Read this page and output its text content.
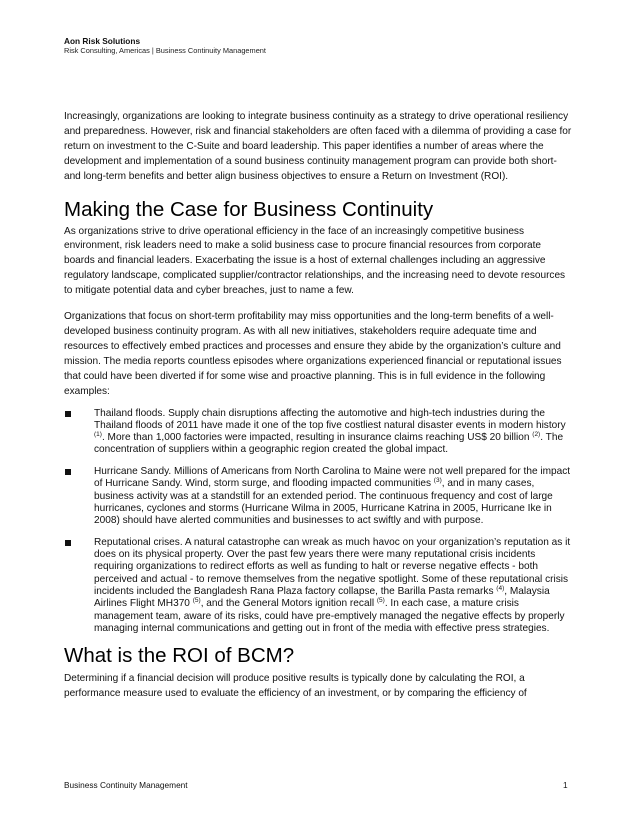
Aon Risk Solutions
Risk Consulting, Americas | Business Continuity Management

Increasingly, organizations are looking to integrate business continuity as a strategy to drive operational resiliency and preparedness. However, risk and financial stakeholders are often faced with a dilemma of providing a case for return on investment to the C-Suite and board leadership. This paper identifies a number of areas where the development and implementation of a sound business continuity management program can provide both short- and long-term benefits and better align business objectives to ensure a Return on Investment (ROI).

Making the Case for Business Continuity

As organizations strive to drive operational efficiency in the face of an increasingly competitive business environment, risk leaders need to make a solid business case to procure financial resources from corporate boards and financial leaders. Exacerbating the issue is a host of external challenges including an aggressive regulatory landscape, complicated supplier/contractor relationships, and the increasing need to devote resources to mitigate potential data and cyber breaches, just to name a few.

Organizations that focus on short-term profitability may miss opportunities and the long-term benefits of a well-developed business continuity program. As with all new initiatives, stakeholders require adequate time and resources to effectively embed practices and processes and ensure they abide by the organization’s culture and mission. The media reports countless episodes where organizations experienced financial or reputational issues that could have been diverted if for some wise and proactive planning. This is in full evidence in the following examples:

Thailand floods. Supply chain disruptions affecting the automotive and high-tech industries during the Thailand floods of 2011 have made it one of the top five costliest natural disaster events in modern history $^{(1)}$. More than 1,000 factories were impacted, resulting in insurance claims reaching US$ 20 billion $^{(2)}$. The concentration of suppliers within a geographic region created the global impact.
Hurricane Sandy. Millions of Americans from North Carolina to Maine were not well prepared for the impact of Hurricane Sandy. Wind, storm surge, and flooding impacted communities $^{(3)}$, and in many cases, business activity was at a standstill for an extended period. The continuous frequency and cost of large hurricanes, cyclones and storms (Hurricane Wilma in 2005, Hurricane Katrina in 2005, Hurricane Ike in 2008) should have alerted communities and businesses to act swiftly and with purpose.
Reputational crises. A natural catastrophe can wreak as much havoc on your organization’s reputation as it does on its physical property. Over the past few years there were many reputational crisis incidents requiring organizations to redirect efforts as well as funding to halt or reverse negative effects - both perceived and actual - to remove themselves from the negative spotlight. Some of these reputational crisis incidents included the Bangladesh Rana Plaza factory collapse, the Barilla Pasta remarks $^{(4)}$, Malaysia Airlines Flight MH370 $^{(5)}$, and the General Motors ignition recall $^{(5)}$. In each case, a mature crisis management team, aware of its risks, could have pre-emptively managed the negative effects by properly managing internal communications and getting out in front of the media with effective press strategies.
What is the ROI of BCM?

Determining if a financial decision will produce positive results is typically done by calculating the ROI, a performance measure used to evaluate the efficiency of an investment, or by comparing the efficiency of

Business Continuity Management	1
